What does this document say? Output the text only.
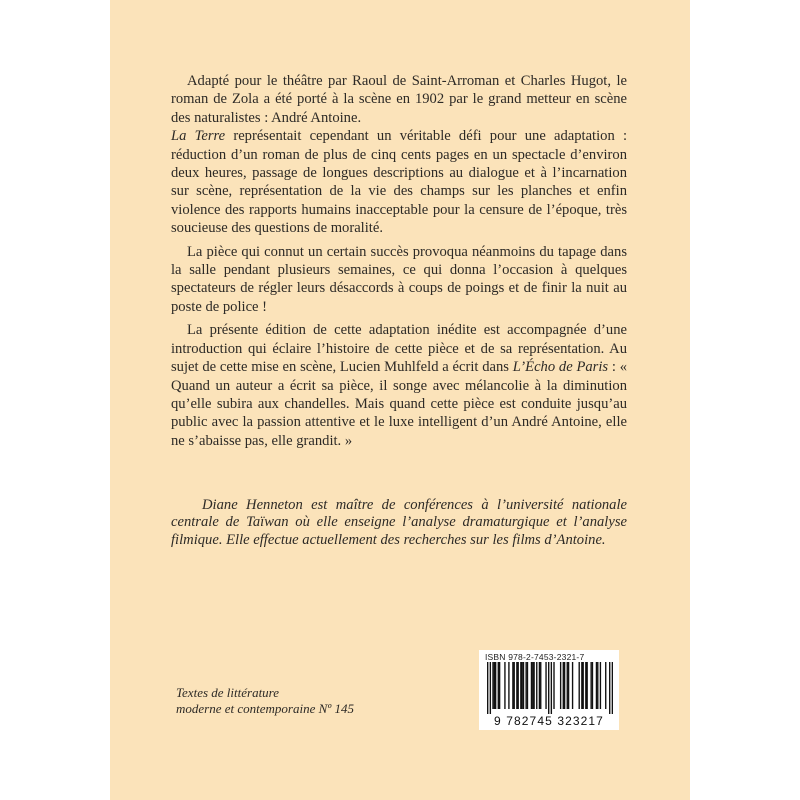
Adapté pour le théâtre par Raoul de Saint-Arroman et Charles Hugot, le roman de Zola a été porté à la scène en 1902 par le grand metteur en scène des naturalistes : André Antoine.
La Terre représentait cependant un véritable défi pour une adaptation : réduction d’un roman de plus de cinq cents pages en un spectacle d’environ deux heures, passage de longues descriptions au dialogue et à l’incarnation sur scène, représentation de la vie des champs sur les planches et enfin violence des rapports humains inacceptable pour la censure de l’époque, très soucieuse des questions de moralité.

La pièce qui connut un certain succès provoqua néanmoins du tapage dans la salle pendant plusieurs semaines, ce qui donna l’occasion à quelques spectateurs de régler leurs désaccords à coups de poings et de finir la nuit au poste de police !

La présente édition de cette adaptation inédite est accompagnée d’une introduction qui éclaire l’histoire de cette pièce et de sa représentation. Au sujet de cette mise en scène, Lucien Muhlfeld a écrit dans L’Écho de Paris : « Quand un auteur a écrit sa pièce, il songe avec mélancolie à la diminution qu’elle subira aux chandelles. Mais quand cette pièce est conduite jusqu’au public avec la passion attentive et le luxe intelligent d’un André Antoine, elle ne s’abaisse pas, elle grandit. »

Diane Henneton est maître de conférences à l’université nationale centrale de Taïwan où elle enseigne l’analyse dramaturgique et l’analyse filmique. Elle effectue actuellement des recherches sur les films d’Antoine.
Textes de littérature
moderne et contemporaine Nº 145
ISBN 978-2-7453-2321-7
9 782745 323217
